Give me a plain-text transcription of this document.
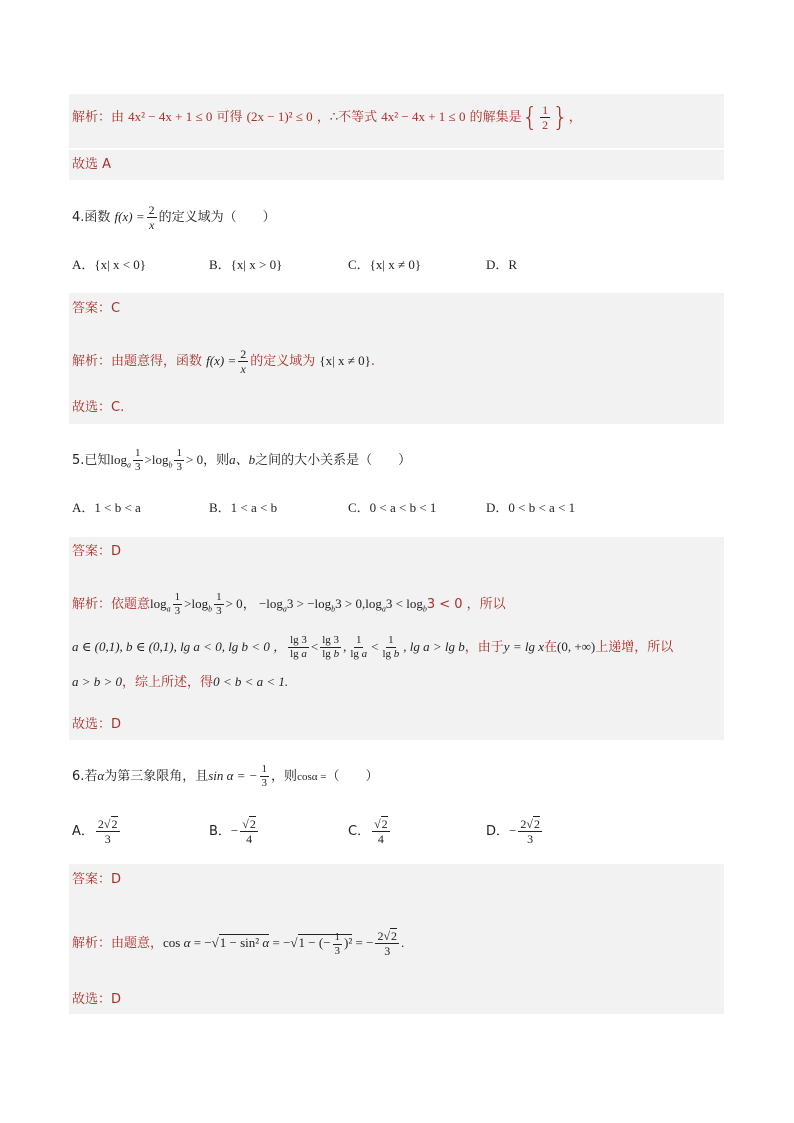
解析：由 4x² − 4x + 1 ≤ 0 可得 (2x − 1)² ≤ 0 ，∴不等式 4x² − 4x + 1 ≤ 0 的解集是{ $\frac{1}{2}$ }，
故选 A
4.函数 $f(x) = \frac{2}{x}$ 的定义域为（　　）
A．{x| x < 0}	B．{x| x > 0}	C．{x| x ≠ 0}	D．R
答案：C
解析：由题意得，函数 $f(x) = \frac{2}{x}$ 的定义域为 {x| x ≠ 0}.
故选：C.
5.已知$\log_a \frac{1}{3} >\log_b \frac{1}{3} > 0$，则a、b之间的大小关系是（　　）
A．1 < b < a	B．1 < a < b	C．0 < a < b < 1	D．0 < b < a < 1
答案：D
解析：依题意$\log_a \frac{1}{3} >\log_b \frac{1}{3} > 0$， $-\log_a3 > -\log_b3 > 0,\log_a3 < \log_b3 < 0$ ，所以
a ∈ (0,1), b ∈ (0,1), lg a < 0, lg b < 0 ， $\frac{\lg 3}{\text{lg a}} < \frac{\lg 3}{\text{lg b}}$ , $\frac{1}{\text{lg a}} < \frac{1}{\text{lg b}}$ , lg a > lg b，由于y = lg x在(0, +∞)上递增，所以
a > b > 0，综上所述，得0 < b < a < 1.
故选：D
6.若α为第三象限角，且sin α = − $\frac{1}{3}$ ，则cosα =（　　）
A． $\frac{2√2}{3}$	B．− $\frac{√2}{4}$	C． $\frac{√2}{4}$	D．− $\frac{2√2}{3}$
答案：D
解析：由题意，cos α = −√1 − sin² α = −√1 − (− $\frac{1}{3} )^2$ = − $\frac{2√2}{3}$ .
故选：D
